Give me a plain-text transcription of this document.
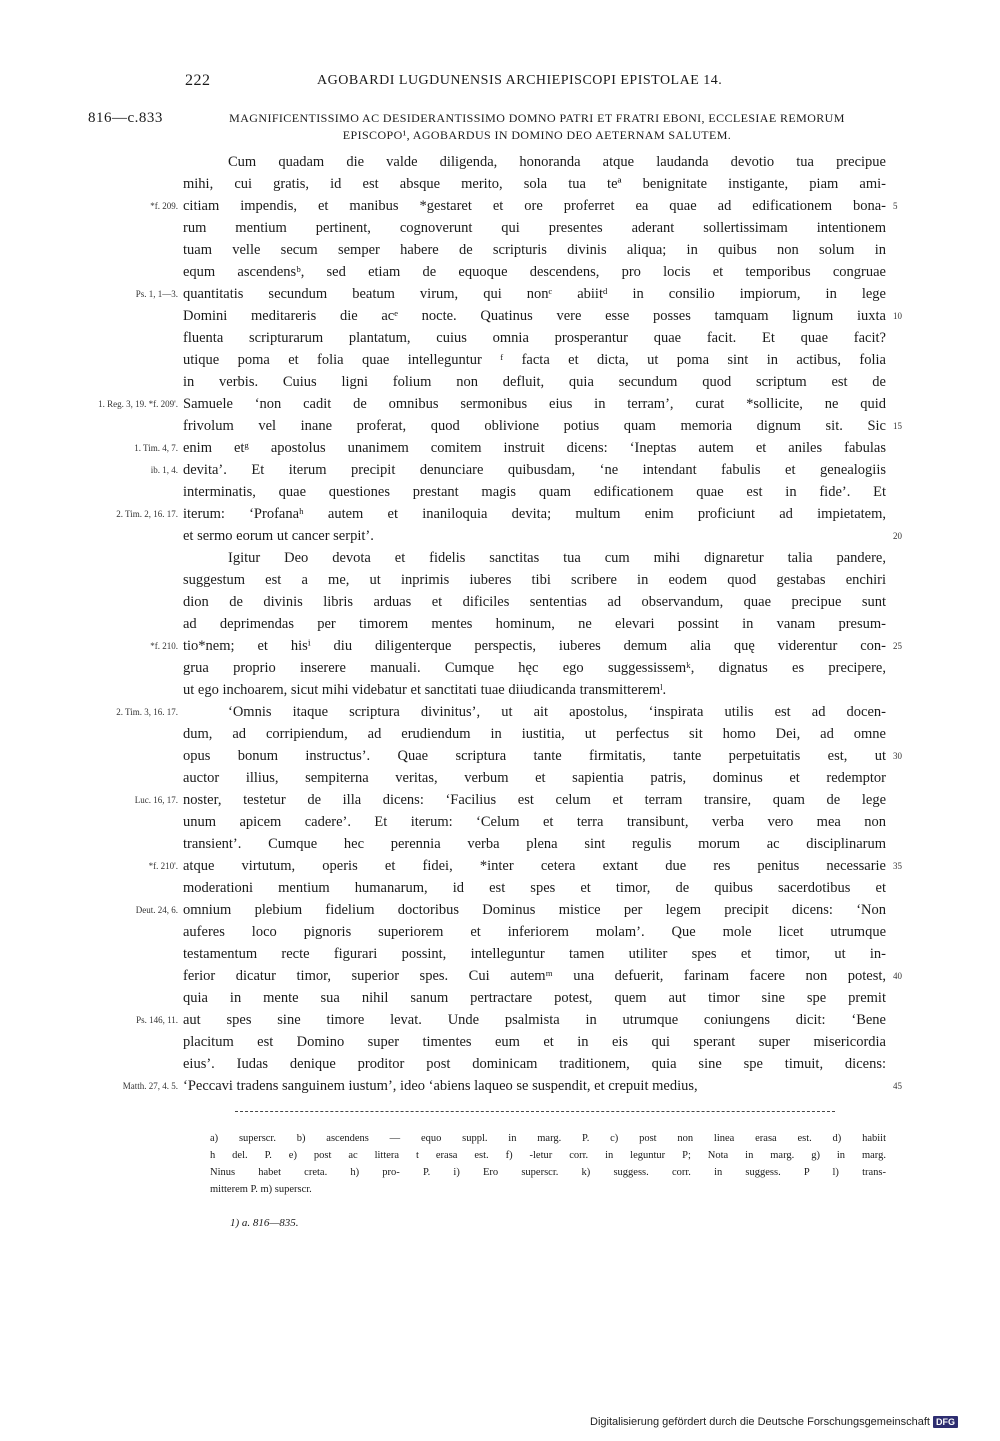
222	AGOBARDI LUGDUNENSIS ARCHIEPISCOPI EPISTOLAE 14.
816—c.833	MAGNIFICENTISSIMO AC DESIDERANTISSIMO DOMNO PATRI ET FRATRI EBONI, ECCLESIAE REMORUM EPISCOPO¹, AGOBARDUS IN DOMINO DEO AETERNAM SALUTEM.
Cum quadam die valde diligenda, honoranda atque laudanda devotio tua precipue
mihi, cui gratis, id est absque merito, sola tua teª benignitate instigante, piam ami-
citiam impendis, et manibus *gestaret et ore proferret ea quae ad edificationem bona-
rum mentium pertinent, cognoverunt qui presentes aderant sollertissimam intentionem
tuam velle secum semper habere de scripturis divinis aliqua; in quibus non solum in
equm ascendensᵇ, sed etiam de equoque descendens, pro locis et temporibus congruae
quantitatis secundum beatum virum, qui nonᶜ abiitᵈ in consilio impiorum, in lege
Domini meditareris die acᵉ nocte. Quatinus vere esse posses tamquam lignum iuxta
fluenta scripturarum plantatum, cuius omnia prosperantur quae facit. Et quae facit?
utique poma et folia quae intelleguntur ᶠ facta et dicta, ut poma sint in actibus, folia
in verbis. Cuius ligni folium non defluit, quia secundum quod scriptum est de
Samuele ‘non cadit de omnibus sermonibus eius in terram’, curat *sollicite, ne quid
frivolum vel inane proferat, quod oblivione potius quam memoria dignum sit. Sic
enim etᵍ apostolus unanimem comitem instruit dicens: ‘Ineptas autem et aniles fabulas
devita’. Et iterum precipit denunciare quibusdam, ‘ne intendant fabulis et genealogiis
interminatis, quae questiones prestant magis quam edificationem quae est in fide’. Et
iterum: ‘Profanaʰ autem et inaniloquia devita; multum enim proficiunt ad impietatem,
et sermo eorum ut cancer serpit’.
Igitur Deo devota et fidelis sanctitas tua cum mihi dignaretur talia pandere,
suggestum est a me, ut inprimis iuberes tibi scribere in eodem quod gestabas enchiri
dion de divinis libris arduas et dificiles sententias ad observandum, quae precipue sunt
ad deprimendas per timorem mentes hominum, ne elevari possint in vanam presum-
tio*nem; et hisⁱ diu diligenterque perspectis, iuberes demum alia quę viderentur con-
grua proprio inserere manuali. Cumque hęc ego suggessissemᵏ, dignatus es precipere,
ut ego inchoarem, sicut mihi videbatur et sanctitati tuae diiudicanda transmitteremˡ.
‘Omnis itaque scriptura divinitus’, ut ait apostolus, ‘inspirata utilis est ad docen-
dum, ad corripiendum, ad erudiendum in iustitia, ut perfectus sit homo Dei, ad omne
opus bonum instructus’. Quae scriptura tante firmitatis, tante perpetuitatis est, ut
auctor illius, sempiterna veritas, verbum et sapientia patris, dominus et redemptor
noster, testetur de illa dicens: ‘Facilius est celum et terram transire, quam de lege
unum apicem cadere’. Et iterum: ‘Celum et terra transibunt, verba vero mea non
transient’. Cumque hec perennia verba plena sint regulis morum ac disciplinarum
atque virtutum, operis et fidei, *inter cetera extant due res penitus necessarie
moderationi mentium humanarum, id est spes et timor, de quibus sacerdotibus et
omnium plebium fidelium doctoribus Dominus mistice per legem precipit dicens: ‘Non
auferes loco pignoris superiorem et inferiorem molam’. Que mole licet utrumque
testamentum recte figurari possint, intelleguntur tamen utiliter spes et timor, ut in-
ferior dicatur timor, superior spes. Cui autemᵐ una defuerit, farinam facere non potest,
quia in mente sua nihil sanum pertractare potest, quem aut timor sine spe premit
aut spes sine timore levat. Unde psalmista in utrumque coniungens dicit: ‘Bene
placitum est Domino super timentes eum et in eis qui sperant super misericordia
eius’. Iudas denique proditor post dominicam traditionem, quia sine spe timuit, dicens:
‘Peccavi tradens sanguinem iustum’, ideo ‘abiens laqueo se suspendit, et crepuit medius,
*f. 209.
Ps. 1, 1—3.
1. Reg. 3, 19. *f. 209'.
1. Tim. 4, 7.
ib. 1, 4.
2. Tim. 2, 16. 17.
*f. 210.
2. Tim. 3, 16. 17.
Luc. 16, 17.
*f. 210'.
Deut. 24, 6.
Ps. 146, 11.
Matth. 27, 4. 5.
5
10
15
20
25
30
35
40
45
a) superscr. b) ascendens — equo suppl. in marg. P. c) post non linea erasa est. d) habiit
h del. P. e) post ac littera t erasa est. f) -letur corr. in leguntur P; Nota in marg. g) in marg.
Ninus habet creta. h) pro- P. i) Ero superscr. k) suggess. corr. in suggess. P l) trans-
mitterem P. m) superscr.
1) a. 816—835.
Digitalisierung gefördert durch die Deutsche Forschungsgemeinschaft DFG
